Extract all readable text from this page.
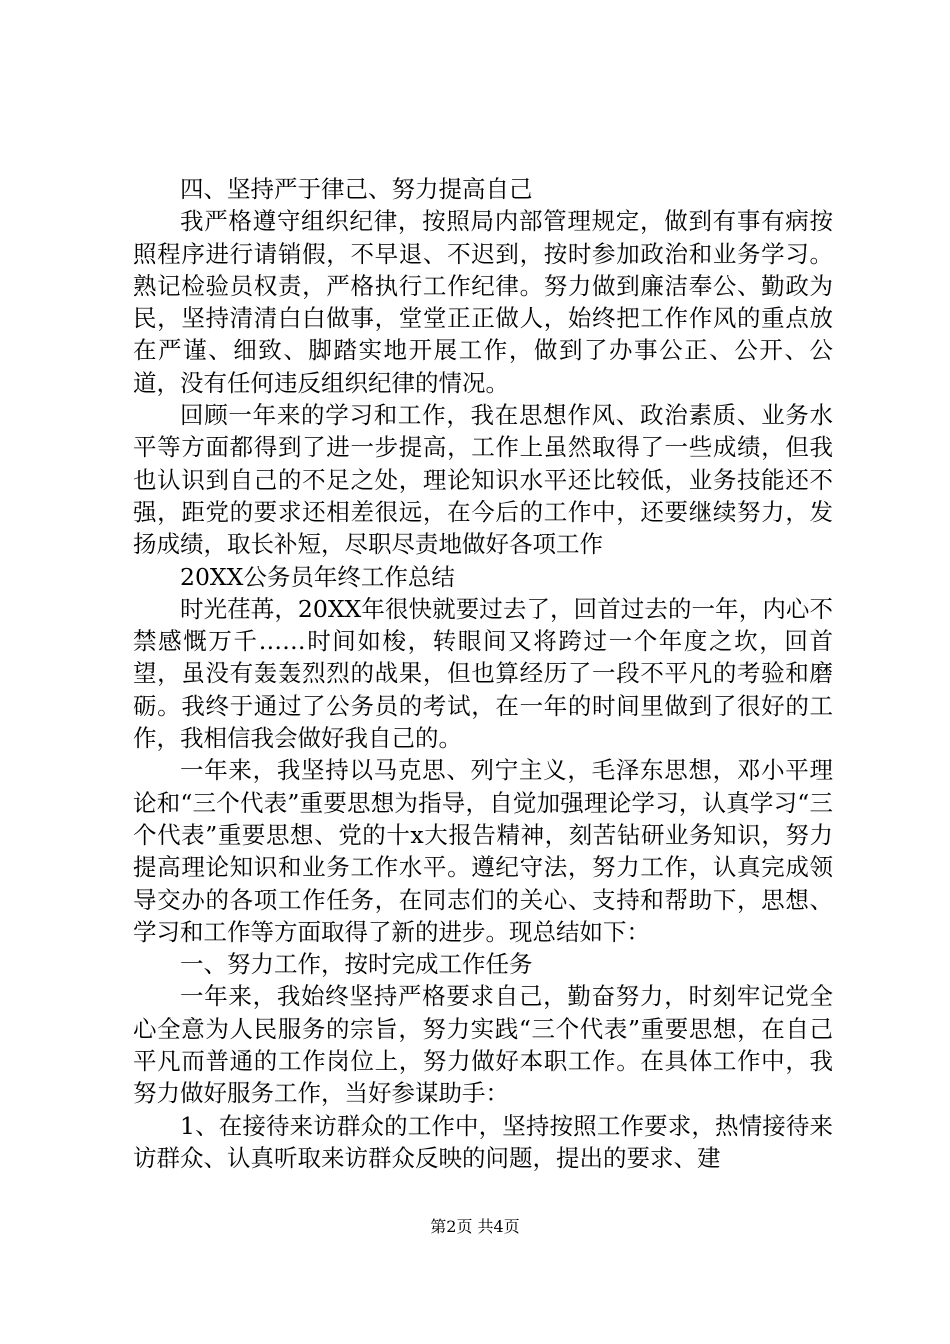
四、坚持严于律己、努力提高自己

我严格遵守组织纪律，按照局内部管理规定，做到有事有病按照程序进行请销假，不早退、不迟到，按时参加政治和业务学习。熟记检验员权责，严格执行工作纪律。努力做到廉洁奉公、勤政为民，坚持清清白白做事，堂堂正正做人，始终把工作作风的重点放在严谨、细致、脚踏实地开展工作，做到了办事公正、公开、公道，没有任何违反组织纪律的情况。

回顾一年来的学习和工作，我在思想作风、政治素质、业务水平等方面都得到了进一步提高，工作上虽然取得了一些成绩，但我也认识到自己的不足之处，理论知识水平还比较低，业务技能还不强，距党的要求还相差很远，在今后的工作中，还要继续努力，发扬成绩，取长补短，尽职尽责地做好各项工作

20XX公务员年终工作总结

时光荏苒，20XX年很快就要过去了，回首过去的一年，内心不禁感慨万千……时间如梭，转眼间又将跨过一个年度之坎，回首望，虽没有轰轰烈烈的战果，但也算经历了一段不平凡的考验和磨砺。我终于通过了公务员的考试，在一年的时间里做到了很好的工作，我相信我会做好我自己的。

一年来，我坚持以马克思、列宁主义，毛泽东思想，邓小平理论和“三个代表”重要思想为指导，自觉加强理论学习，认真学习“三个代表”重要思想、党的十x大报告精神，刻苦钻研业务知识，努力提高理论知识和业务工作水平。遵纪守法，努力工作，认真完成领导交办的各项工作任务，在同志们的关心、支持和帮助下，思想、学习和工作等方面取得了新的进步。现总结如下：

一、努力工作，按时完成工作任务

一年来，我始终坚持严格要求自己，勤奋努力，时刻牢记党全心全意为人民服务的宗旨，努力实践“三个代表”重要思想，在自己平凡而普通的工作岗位上，努力做好本职工作。在具体工作中，我努力做好服务工作，当好参谋助手：

1、在接待来访群众的工作中，坚持按照工作要求，热情接待来访群众、认真听取来访群众反映的问题，提出的要求、建

第2页 共4页
